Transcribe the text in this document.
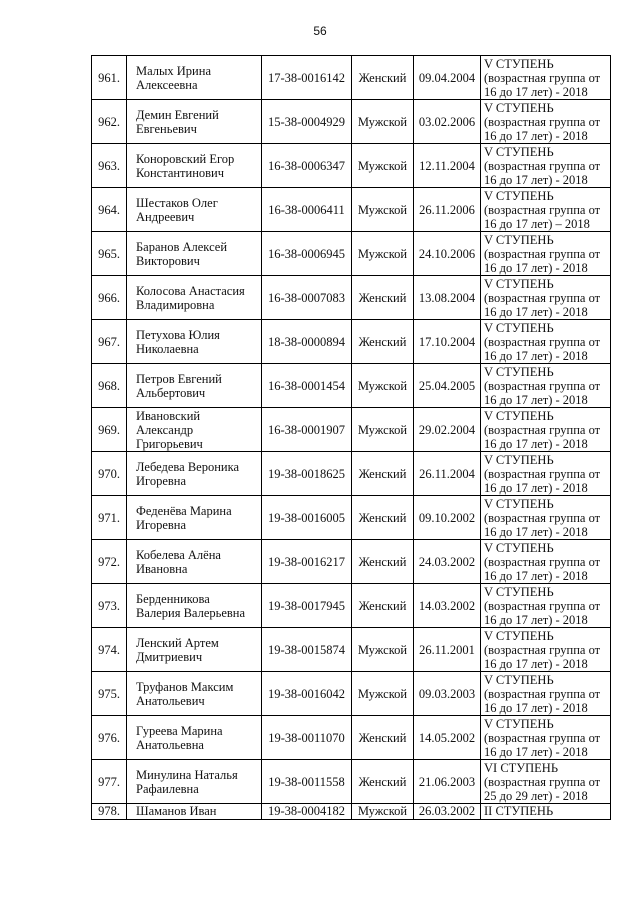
56
961.	Малых Ирина
Алексеевна	17-38-0016142	Женский	09.04.2004	V СТУПЕНЬ
(возрастная группа от
16 до 17 лет) - 2018

962.	Демин Евгений
Евгеньевич	15-38-0004929	Мужской	03.02.2006	V СТУПЕНЬ
(возрастная группа от
16 до 17 лет) - 2018

963.	Коноровский Егор
Константинович	16-38-0006347	Мужской	12.11.2004	V СТУПЕНЬ
(возрастная группа от
16 до 17 лет) - 2018

964.	Шестаков Олег
Андреевич	16-38-0006411	Мужской	26.11.2006	V СТУПЕНЬ
(возрастная группа от
16 до 17 лет) – 2018

965.	Баранов Алексей
Викторович	16-38-0006945	Мужской	24.10.2006	V СТУПЕНЬ
(возрастная группа от
16 до 17 лет) - 2018

966.	Колосова Анастасия
Владимировна	16-38-0007083	Женский	13.08.2004	V СТУПЕНЬ
(возрастная группа от
16 до 17 лет) - 2018

967.	Петухова Юлия
Николаевна	18-38-0000894	Женский	17.10.2004	V СТУПЕНЬ
(возрастная группа от
16 до 17 лет) - 2018

968.	Петров Евгений
Альбертович	16-38-0001454	Мужской	25.04.2005	V СТУПЕНЬ
(возрастная группа от
16 до 17 лет) - 2018

969.	Ивановский
Александр
Григорьевич	16-38-0001907	Мужской	29.02.2004	V СТУПЕНЬ
(возрастная группа от
16 до 17 лет) - 2018

970.	Лебедева Вероника
Игоревна	19-38-0018625	Женский	26.11.2004	V СТУПЕНЬ
(возрастная группа от
16 до 17 лет) - 2018

971.	Феденёва Марина
Игоревна	19-38-0016005	Женский	09.10.2002	V СТУПЕНЬ
(возрастная группа от
16 до 17 лет) - 2018

972.	Кобелева Алёна
Ивановна	19-38-0016217	Женский	24.03.2002	V СТУПЕНЬ
(возрастная группа от
16 до 17 лет) - 2018

973.	Берденникова
Валерия Валерьевна	19-38-0017945	Женский	14.03.2002	V СТУПЕНЬ
(возрастная группа от
16 до 17 лет) - 2018

974.	Ленский Артем
Дмитриевич	19-38-0015874	Мужской	26.11.2001	V СТУПЕНЬ
(возрастная группа от
16 до 17 лет) - 2018

975.	Труфанов Максим
Анатольевич	19-38-0016042	Мужской	09.03.2003	V СТУПЕНЬ
(возрастная группа от
16 до 17 лет) - 2018

976.	Гуреева Марина
Анатольевна	19-38-0011070	Женский	14.05.2002	V СТУПЕНЬ
(возрастная группа от
16 до 17 лет) - 2018

977.	Минулина Наталья
Рафаилевна	19-38-0011558	Женский	21.06.2003	VI СТУПЕНЬ
(возрастная группа от
25 до 29 лет) - 2018

978.	Шаманов Иван	19-38-0004182	Мужской	26.03.2002	II СТУПЕНЬ
